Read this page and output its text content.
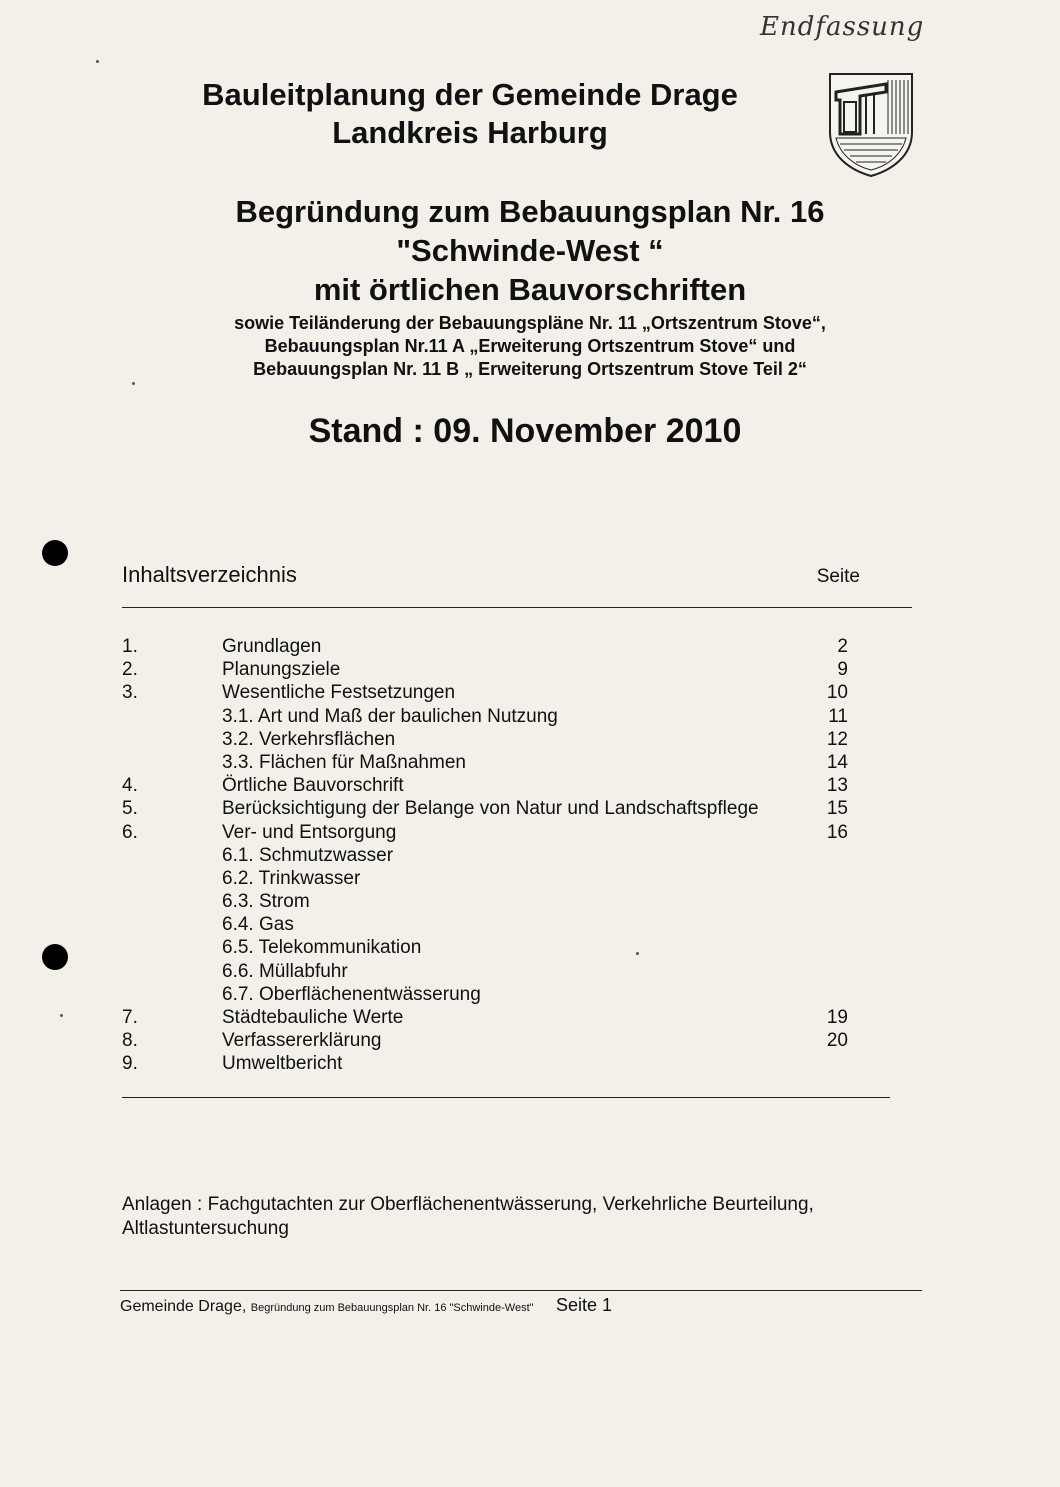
Endfassung
Bauleitplanung der Gemeinde Drage
Landkreis Harburg
Begründung zum Bebauungsplan Nr. 16
"Schwinde-West “
mit örtlichen Bauvorschriften
sowie Teiländerung der Bebauungspläne Nr. 11 „Ortszentrum Stove“,
Bebauungsplan Nr.11 A „Erweiterung Ortszentrum Stove“ und
Bebauungsplan Nr. 11 B „ Erweiterung Ortszentrum Stove Teil 2“
Stand : 09. November 2010
Inhaltsverzeichnis	Seite
1.	Grundlagen	2
2.	Planungsziele	9
3.	Wesentliche Festsetzungen	10
3.1. Art und Maß der baulichen Nutzung	11
3.2. Verkehrsflächen	12
3.3. Flächen für Maßnahmen	14
4.	Örtliche Bauvorschrift	13
5.	Berücksichtigung der Belange von Natur und Landschaftspflege	15
6.	Ver- und Entsorgung	16
6.1. Schmutzwasser
6.2. Trinkwasser
6.3. Strom
6.4. Gas
6.5. Telekommunikation
6.6. Müllabfuhr
6.7. Oberflächenentwässerung
7.	Städtebauliche Werte	19
8.	Verfassererklärung	20
9.	Umweltbericht
Anlagen : Fachgutachten zur Oberflächenentwässerung, Verkehrliche Beurteilung,
Altlastuntersuchung
Gemeinde Drage, Begründung zum Bebauungsplan Nr. 16 "Schwinde-West" Seite 1
